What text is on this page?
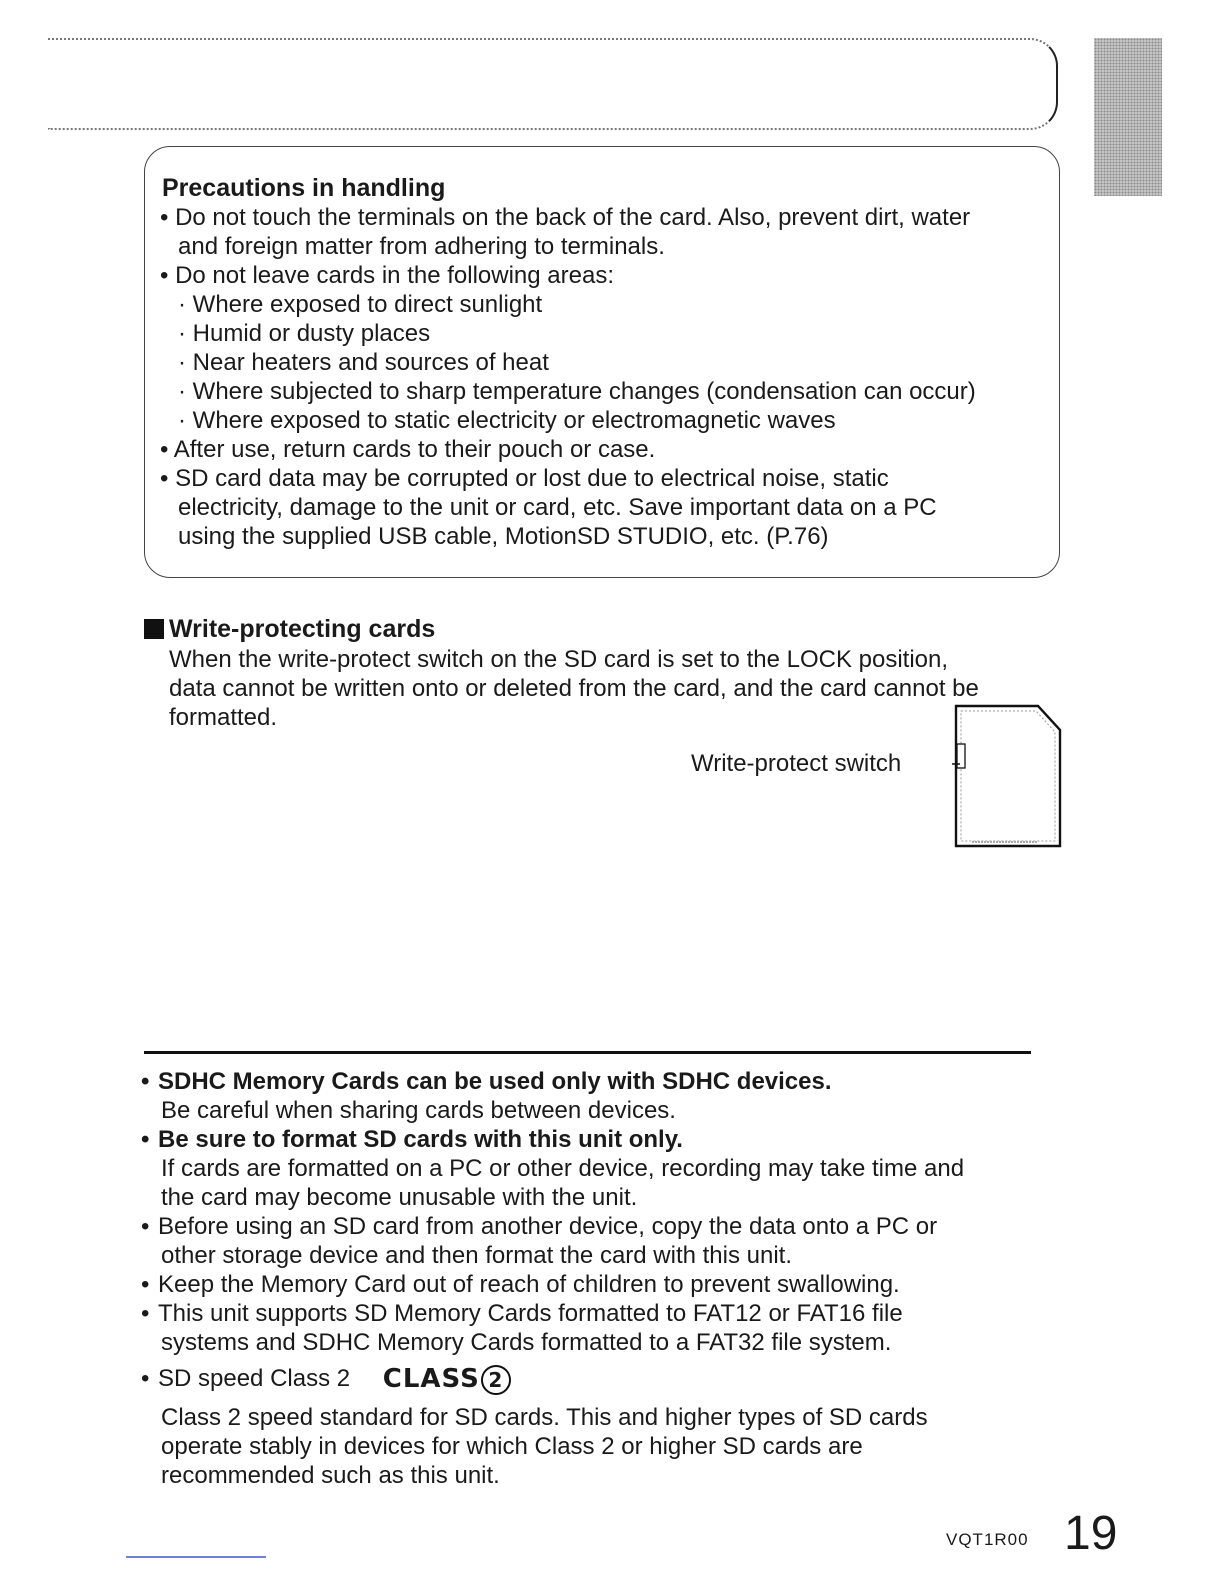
Precautions in handling
• Do not touch the terminals on the back of the card. Also, prevent dirt, water
and foreign matter from adhering to terminals.
• Do not leave cards in the following areas:
· Where exposed to direct sunlight
· Humid or dusty places
· Near heaters and sources of heat
· Where subjected to sharp temperature changes (condensation can occur)
· Where exposed to static electricity or electromagnetic waves
• After use, return cards to their pouch or case.
• SD card data may be corrupted or lost due to electrical noise, static
electricity, damage to the unit or card, etc. Save important data on a PC
using the supplied USB cable, MotionSD STUDIO, etc. (P.76)
Write-protecting cards
When the write-protect switch on the SD card is set to the LOCK position,
data cannot be written onto or deleted from the card, and the card cannot be
formatted.
Write-protect switch
• SDHC Memory Cards can be used only with SDHC devices.
Be careful when sharing cards between devices.
• Be sure to format SD cards with this unit only.
If cards are formatted on a PC or other device, recording may take time and
the card may become unusable with the unit.
• Before using an SD card from another device, copy the data onto a PC or
other storage device and then format the card with this unit.
• Keep the Memory Card out of reach of children to prevent swallowing.
• This unit supports SD Memory Cards formatted to FAT12 or FAT16 file
systems and SDHC Memory Cards formatted to a FAT32 file system.
• SD speed Class 2 CLASS 2
Class 2 speed standard for SD cards. This and higher types of SD cards
operate stably in devices for which Class 2 or higher SD cards are
recommended such as this unit.
VQT1R00 19
